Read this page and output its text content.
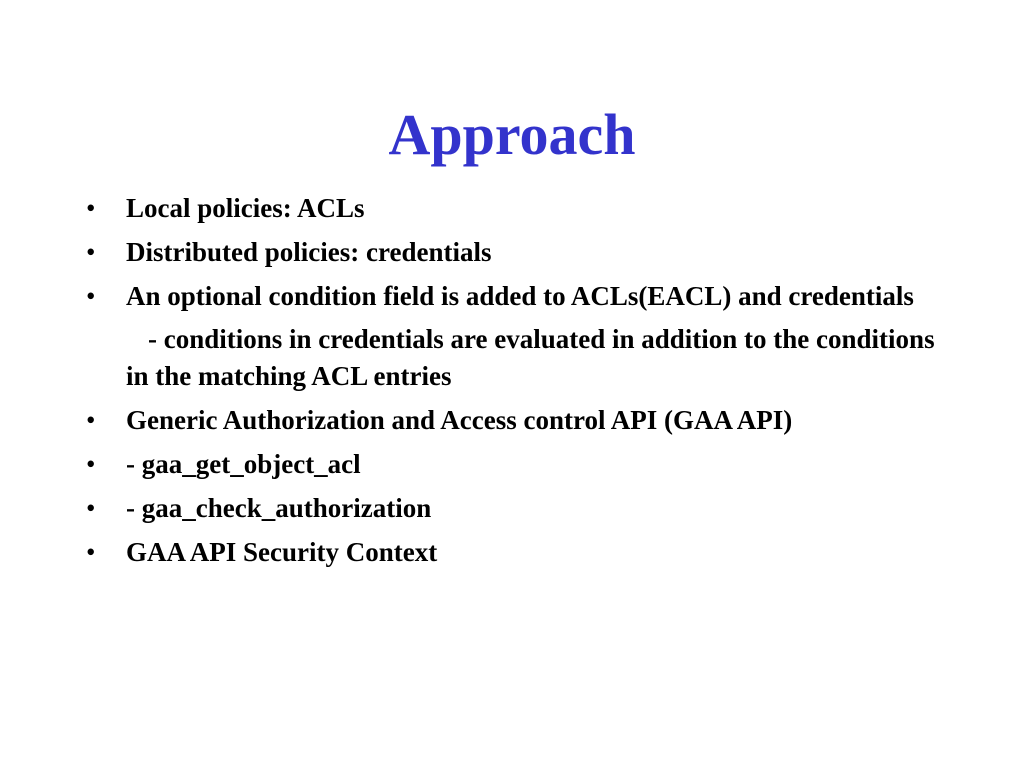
Approach
• Local policies: ACLs
• Distributed policies: credentials
• An optional condition field is added to ACLs(EACL) and credentials
- conditions in credentials are evaluated in addition to the conditions in the matching ACL entries
• Generic Authorization and Access control API (GAA API)
• - gaa_get_object_acl
• - gaa_check_authorization
• GAA API Security Context
